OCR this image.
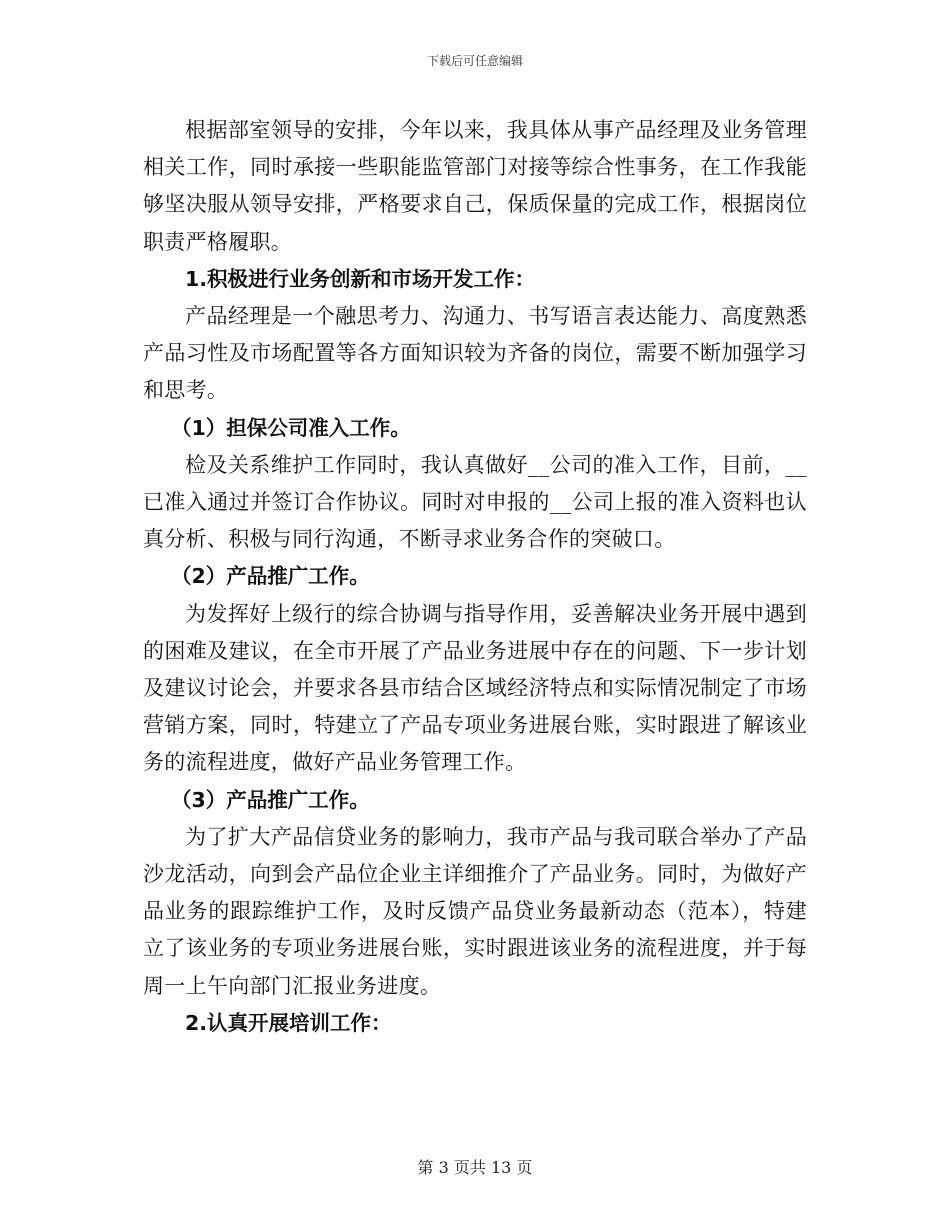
下载后可任意编辑

根据部室领导的安排，今年以来，我具体从事产品经理及业务管理相关工作，同时承接一些职能监管部门对接等综合性事务，在工作我能够坚决服从领导安排，严格要求自己，保质保量的完成工作，根据岗位职责严格履职。

1.积极进行业务创新和市场开发工作：

产品经理是一个融思考力、沟通力、书写语言表达能力、高度熟悉产品习性及市场配置等各方面知识较为齐备的岗位，需要不断加强学习和思考。

（1）担保公司准入工作。

检及关系维护工作同时，我认真做好__公司的准入工作，目前，__已准入通过并签订合作协议。同时对申报的__公司上报的准入资料也认真分析、积极与同行沟通，不断寻求业务合作的突破口。

（2）产品推广工作。

为发挥好上级行的综合协调与指导作用，妥善解决业务开展中遇到的困难及建议，在全市开展了产品业务进展中存在的问题、下一步计划及建议讨论会，并要求各县市结合区域经济特点和实际情况制定了市场营销方案，同时，特建立了产品专项业务进展台账，实时跟进了解该业务的流程进度，做好产品业务管理工作。

（3）产品推广工作。

为了扩大产品信贷业务的影响力，我市产品与我司联合举办了产品沙龙活动，向到会产品位企业主详细推介了产品业务。同时，为做好产品业务的跟踪维护工作，及时反馈产品贷业务最新动态（范本），特建立了该业务的专项业务进展台账，实时跟进该业务的流程进度，并于每周一上午向部门汇报业务进度。

2.认真开展培训工作：

第 3 页共 13 页
